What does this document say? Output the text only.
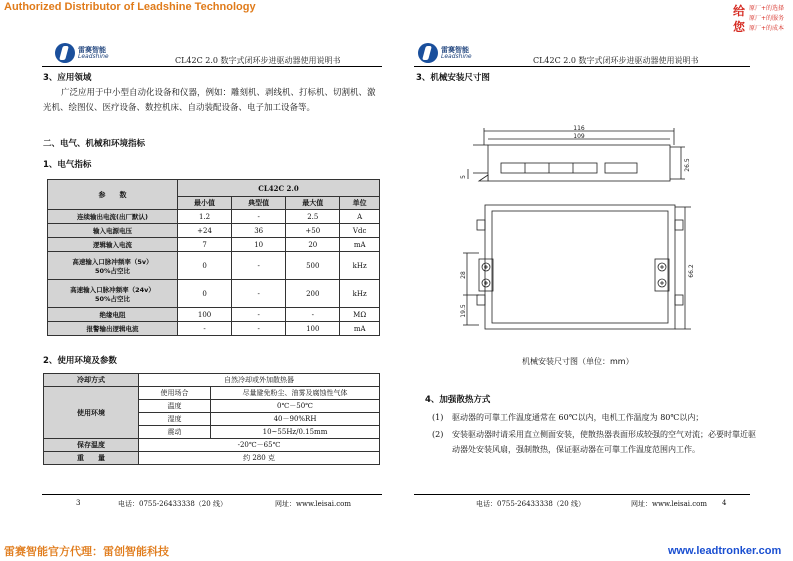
Authorized Distributor of Leadshine Technology	给
您
原厂+的选择
原厂+的服务
原厂+的成本
雷赛智能
Leadshine	CL42C 2.0 数字式闭环步进驱动器使用说明书
3、应用领域
广泛应用于中小型自动化设备和仪器，例如：雕刻机、剥线机、打标机、切割机、激光机、绘图仪、医疗设备、数控机床、自动装配设备、电子加工设备等。
二、电气、机械和环境指标
1、电气指标
参　　数	CL42C 2.0			
	最小值	典型值	最大值	单位
连续输出电流(出厂默认)	1.2	-	2.5	A
输入电源电压	+24	36	+50	Vdc
逻辑输入电流	7	10	20	mA

高速输入口脉冲频率（5v）
50%占空比	0	-	500	kHz

高速输入口脉冲频率（24v）
50%占空比	0	-	200	kHz
绝缘电阻	100	-	-	MΩ
报警输出逻辑电流	-	-	100	mA
2、使用环境及参数
冷却方式	自然冷却或外加散热器	
使用环境	使用场合	尽量避免粉尘、油雾及腐蚀性气体
	温度	0℃－50℃
	湿度	40－90%RH
	震动	10~55Hz/0.15mm
保存温度	-20℃－65℃	
重　　量	约 280 克	
3	电话：0755-26433338（20 线）	网址：www.leisai.com
雷赛智能
Leadshine	CL42C 2.0 数字式闭环步进驱动器使用说明书
3、机械安装尺寸图
116
109
26.5
5
28
19.5
66.2
机械安装尺寸图（单位：mm）
4、加强散热方式
(1) 驱动器的可靠工作温度通常在 60℃以内，电机工作温度为 80℃以内；
(2) 安装驱动器时请采用直立侧面安装，使散热器表面形成较强的空气对流；必要时靠近驱动器处安装风扇，强制散热，保证驱动器在可靠工作温度范围内工作。
电话：0755-26433338（20 线）	网址：www.leisai.com 4
雷赛智能官方代理：雷创智能科技	www.leadtronker.com
